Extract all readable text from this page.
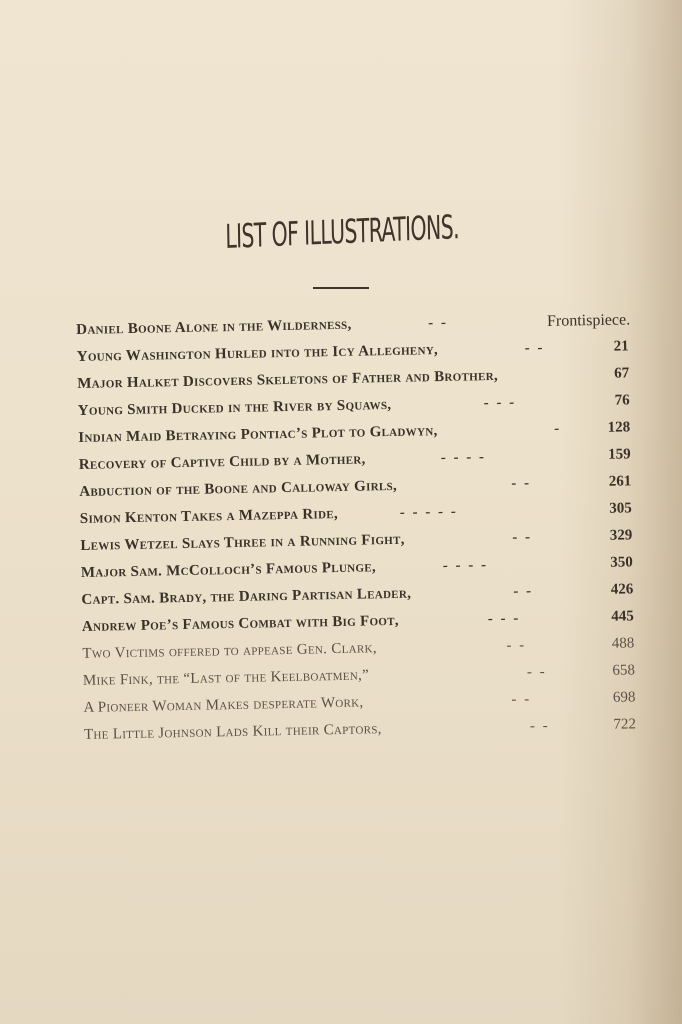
LIST OF ILLUSTRATIONS.
Daniel Boone Alone in the Wilderness,	- -	Frontispiece.
Young Washington Hurled into the Icy Allegheny,	- -	21
Major Halket Discovers Skeletons of Father and Brother,	67
Young Smith Ducked in the River by Squaws,	- - -	76
Indian Maid Betraying Pontiac’s Plot to Gladwyn,	-	128
Recovery of Captive Child by a Mother,	- - - -	159
Abduction of the Boone and Calloway Girls,	- -	261
Simon Kenton Takes a Mazeppa Ride,	- - - - -	305
Lewis Wetzel Slays Three in a Running Fight,	- -	329
Major Sam. McColloch’s Famous Plunge,	- - - -	350
Capt. Sam. Brady, the Daring Partisan Leader,	- -	426
Andrew Poe’s Famous Combat with Big Foot,	- - -	445
Two Victims offered to appease Gen. Clark,	- -	488
Mike Fink, the “Last of the Keelboatmen,”	- -	658
A Pioneer Woman Makes desperate Work,	- -	698
The Little Johnson Lads Kill their Captors,	- -	722
